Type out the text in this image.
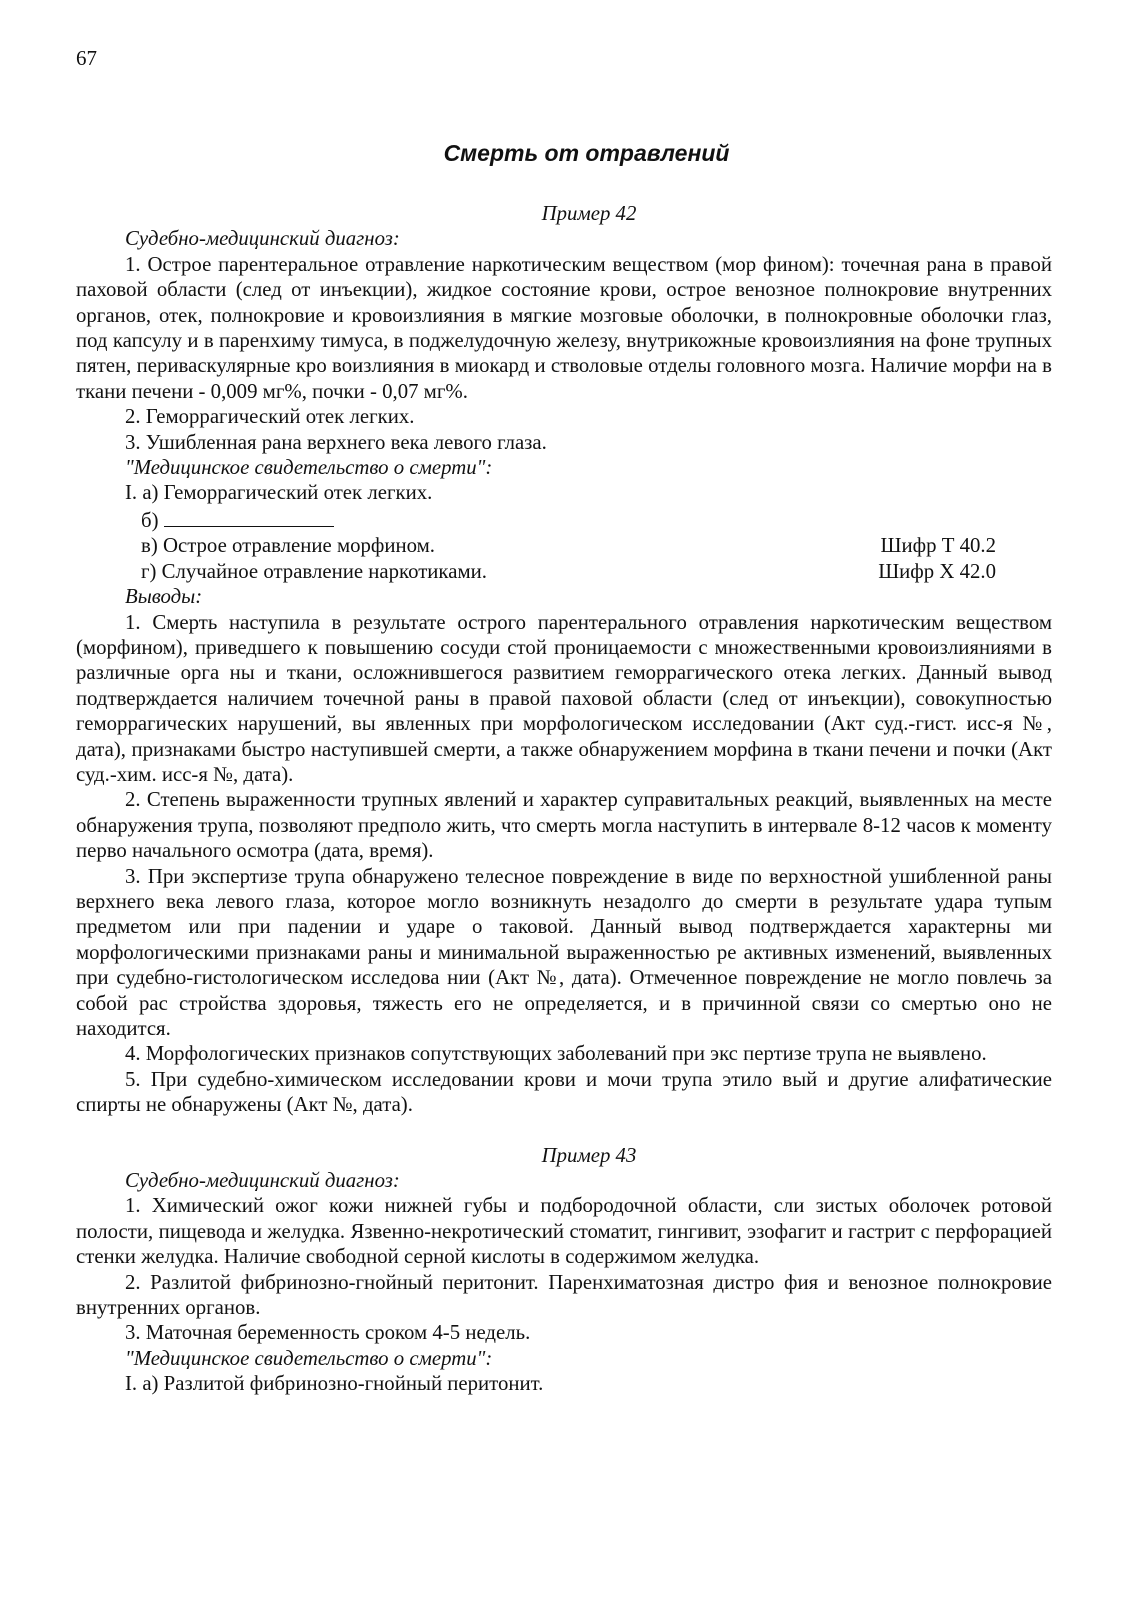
67
Смерть от отравлений

Пример 42

Судебно-медицинский диагноз:

1. Острое парентеральное отравление наркотическим веществом (мор фином): точечная рана в правой паховой области (след от инъекции), жидкое состояние крови, острое венозное полнокровие внутренних органов, отек, полнокровие и кровоизлияния в мягкие мозговые оболочки, в полнокровные оболочки глаз, под капсулу и в паренхиму тимуса, в поджелудочную железу, внутрикожные кровоизлияния на фоне трупных пятен, периваскулярные кро воизлияния в миокард и стволовые отделы головного мозга. Наличие морфи на в ткани печени - 0,009 мг%, почки - 0,07 мг%.

2. Геморрагический отек легких.

3. Ушибленная рана верхнего века левого глаза.

"Медицинское свидетельство о смерти":

I. а) Геморрагический отек легких.
б)
в) Острое отравление морфином.	Шифр Т 40.2
г) Случайное отравление наркотиками.	Шифр Х 42.0

Выводы:

1. Смерть наступила в результате острого парентерального отравления наркотическим веществом (морфином), приведшего к повышению сосуди стой проницаемости с множественными кровоизлияниями в различные орга ны и ткани, осложнившегося развитием геморрагического отека легких. Данный вывод подтверждается наличием точечной раны в правой паховой области (след от инъекции), совокупностью геморрагических нарушений, вы явленных при морфологическом исследовании (Акт суд.-гист. исс-я №, дата), признаками быстро наступившей смерти, а также обнаружением морфина в ткани печени и почки (Акт суд.-хим. исс-я №, дата).

2. Степень выраженности трупных явлений и характер суправитальных реакций, выявленных на месте обнаружения трупа, позволяют предполо жить, что смерть могла наступить в интервале 8-12 часов к моменту перво начального осмотра (дата, время).

3. При экспертизе трупа обнаружено телесное повреждение в виде по верхностной ушибленной раны верхнего века левого глаза, которое могло возникнуть незадолго до смерти в результате удара тупым предметом или при падении и ударе о таковой. Данный вывод подтверждается характерны ми морфологическими признаками раны и минимальной выраженностью ре активных изменений, выявленных при судебно-гистологическом исследова нии (Акт №, дата). Отмеченное повреждение не могло повлечь за собой рас стройства здоровья, тяжесть его не определяется, и в причинной связи со смертью оно не находится.

4. Морфологических признаков сопутствующих заболеваний при экс пертизе трупа не выявлено.

5. При судебно-химическом исследовании крови и мочи трупа этило вый и другие алифатические спирты не обнаружены (Акт №, дата).

Пример 43

Судебно-медицинский диагноз:

1. Химический ожог кожи нижней губы и подбородочной области, сли зистых оболочек ротовой полости, пищевода и желудка. Язвенно-некротический стоматит, гингивит, эзофагит и гастрит с перфорацией стенки желудка. Наличие свободной серной кислоты в содержимом желудка.

2. Разлитой фибринозно-гнойный перитонит. Паренхиматозная дистро фия и венозное полнокровие внутренних органов.

3. Маточная беременность сроком 4-5 недель.

"Медицинское свидетельство о смерти":

I. а) Разлитой фибринозно-гнойный перитонит.
